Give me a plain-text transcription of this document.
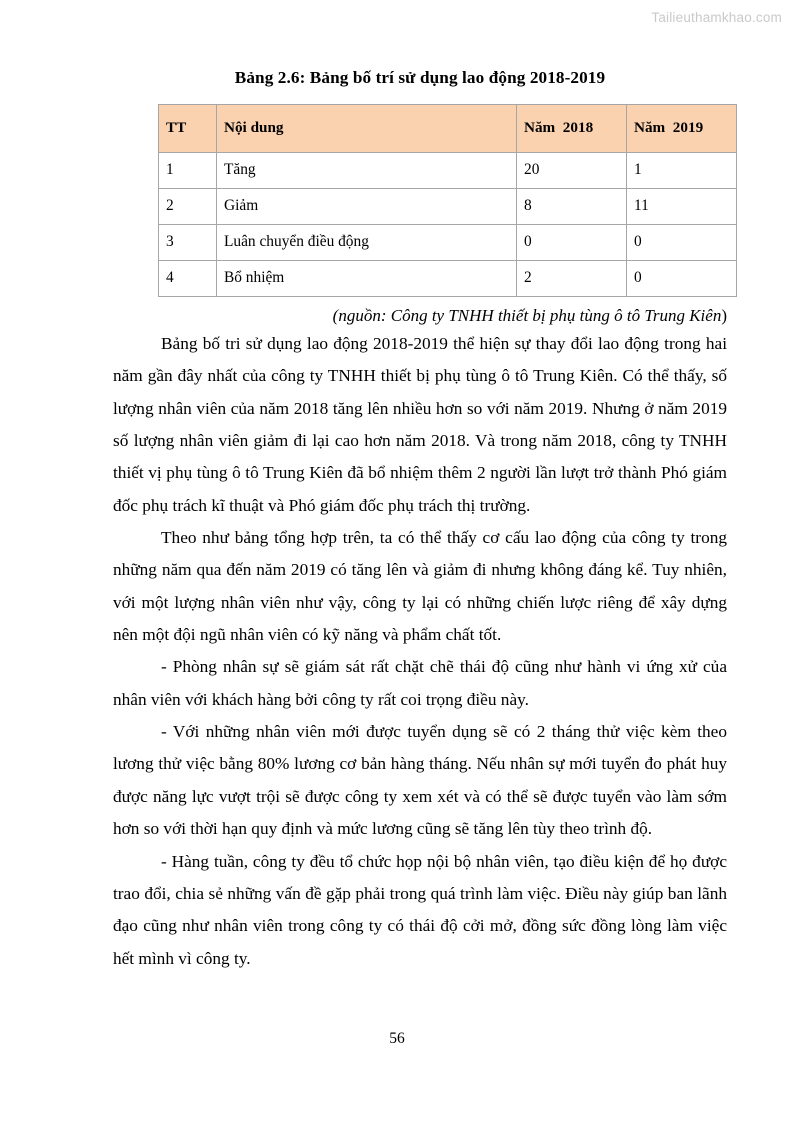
Tailieuthamkhao.com
Bảng 2.6: Bảng bố trí sử dụng lao động 2018-2019
TT	Nội dung	Năm  2018	Năm  2019
1	Tăng	20	1
2	Giảm	8	11
3	Luân chuyển điều động	0	0
4	Bổ nhiệm	2	0
(nguồn: Công ty TNHH thiết bị phụ tùng ô tô Trung Kiên)

Bảng bố tri sử dụng lao động 2018-2019 thể hiện sự thay đổi lao động trong hai năm gần đây nhất của công ty TNHH thiết bị phụ tùng ô tô Trung Kiên. Có thể thấy, số lượng nhân viên của năm 2018 tăng lên nhiều hơn so với năm 2019. Nhưng ở năm 2019 số lượng nhân viên giảm đi lại cao hơn năm 2018. Và trong năm 2018, công ty TNHH thiết vị phụ tùng ô tô Trung Kiên đã bổ nhiệm thêm 2 người lần lượt trở thành Phó giám đốc phụ trách kĩ thuật và Phó giám đốc phụ trách thị trường.

Theo như bảng tổng hợp trên, ta có thể thấy cơ cấu lao động của công ty trong những năm qua đến năm 2019 có tăng lên và giảm đi nhưng không đáng kể. Tuy nhiên, với một lượng nhân viên như vậy, công ty lại có những chiến lược riêng để xây dựng nên một đội ngũ nhân viên có kỹ năng và phẩm chất tốt.

- Phòng nhân sự sẽ giám sát rất chặt chẽ thái độ cũng như hành vi ứng xử của nhân viên với khách hàng bởi công ty rất coi trọng điều này.

- Với những nhân viên mới được tuyển dụng sẽ có 2 tháng thử việc kèm theo lương thử việc bằng 80% lương cơ bản hàng tháng. Nếu nhân sự mới tuyển đo phát huy được năng lực vượt trội sẽ được công ty xem xét và có thể sẽ được tuyển vào làm sớm hơn so với thời hạn quy định và mức lương cũng sẽ tăng lên tùy theo trình độ.

- Hàng tuần, công ty đều tổ chức họp nội bộ nhân viên, tạo điều kiện để họ được trao đổi, chia sẻ những vấn đề gặp phải trong quá trình làm việc. Điều này giúp ban lãnh đạo cũng như nhân viên trong công ty có thái độ cởi mở, đồng sức đồng lòng làm việc hết mình vì công ty.

56
